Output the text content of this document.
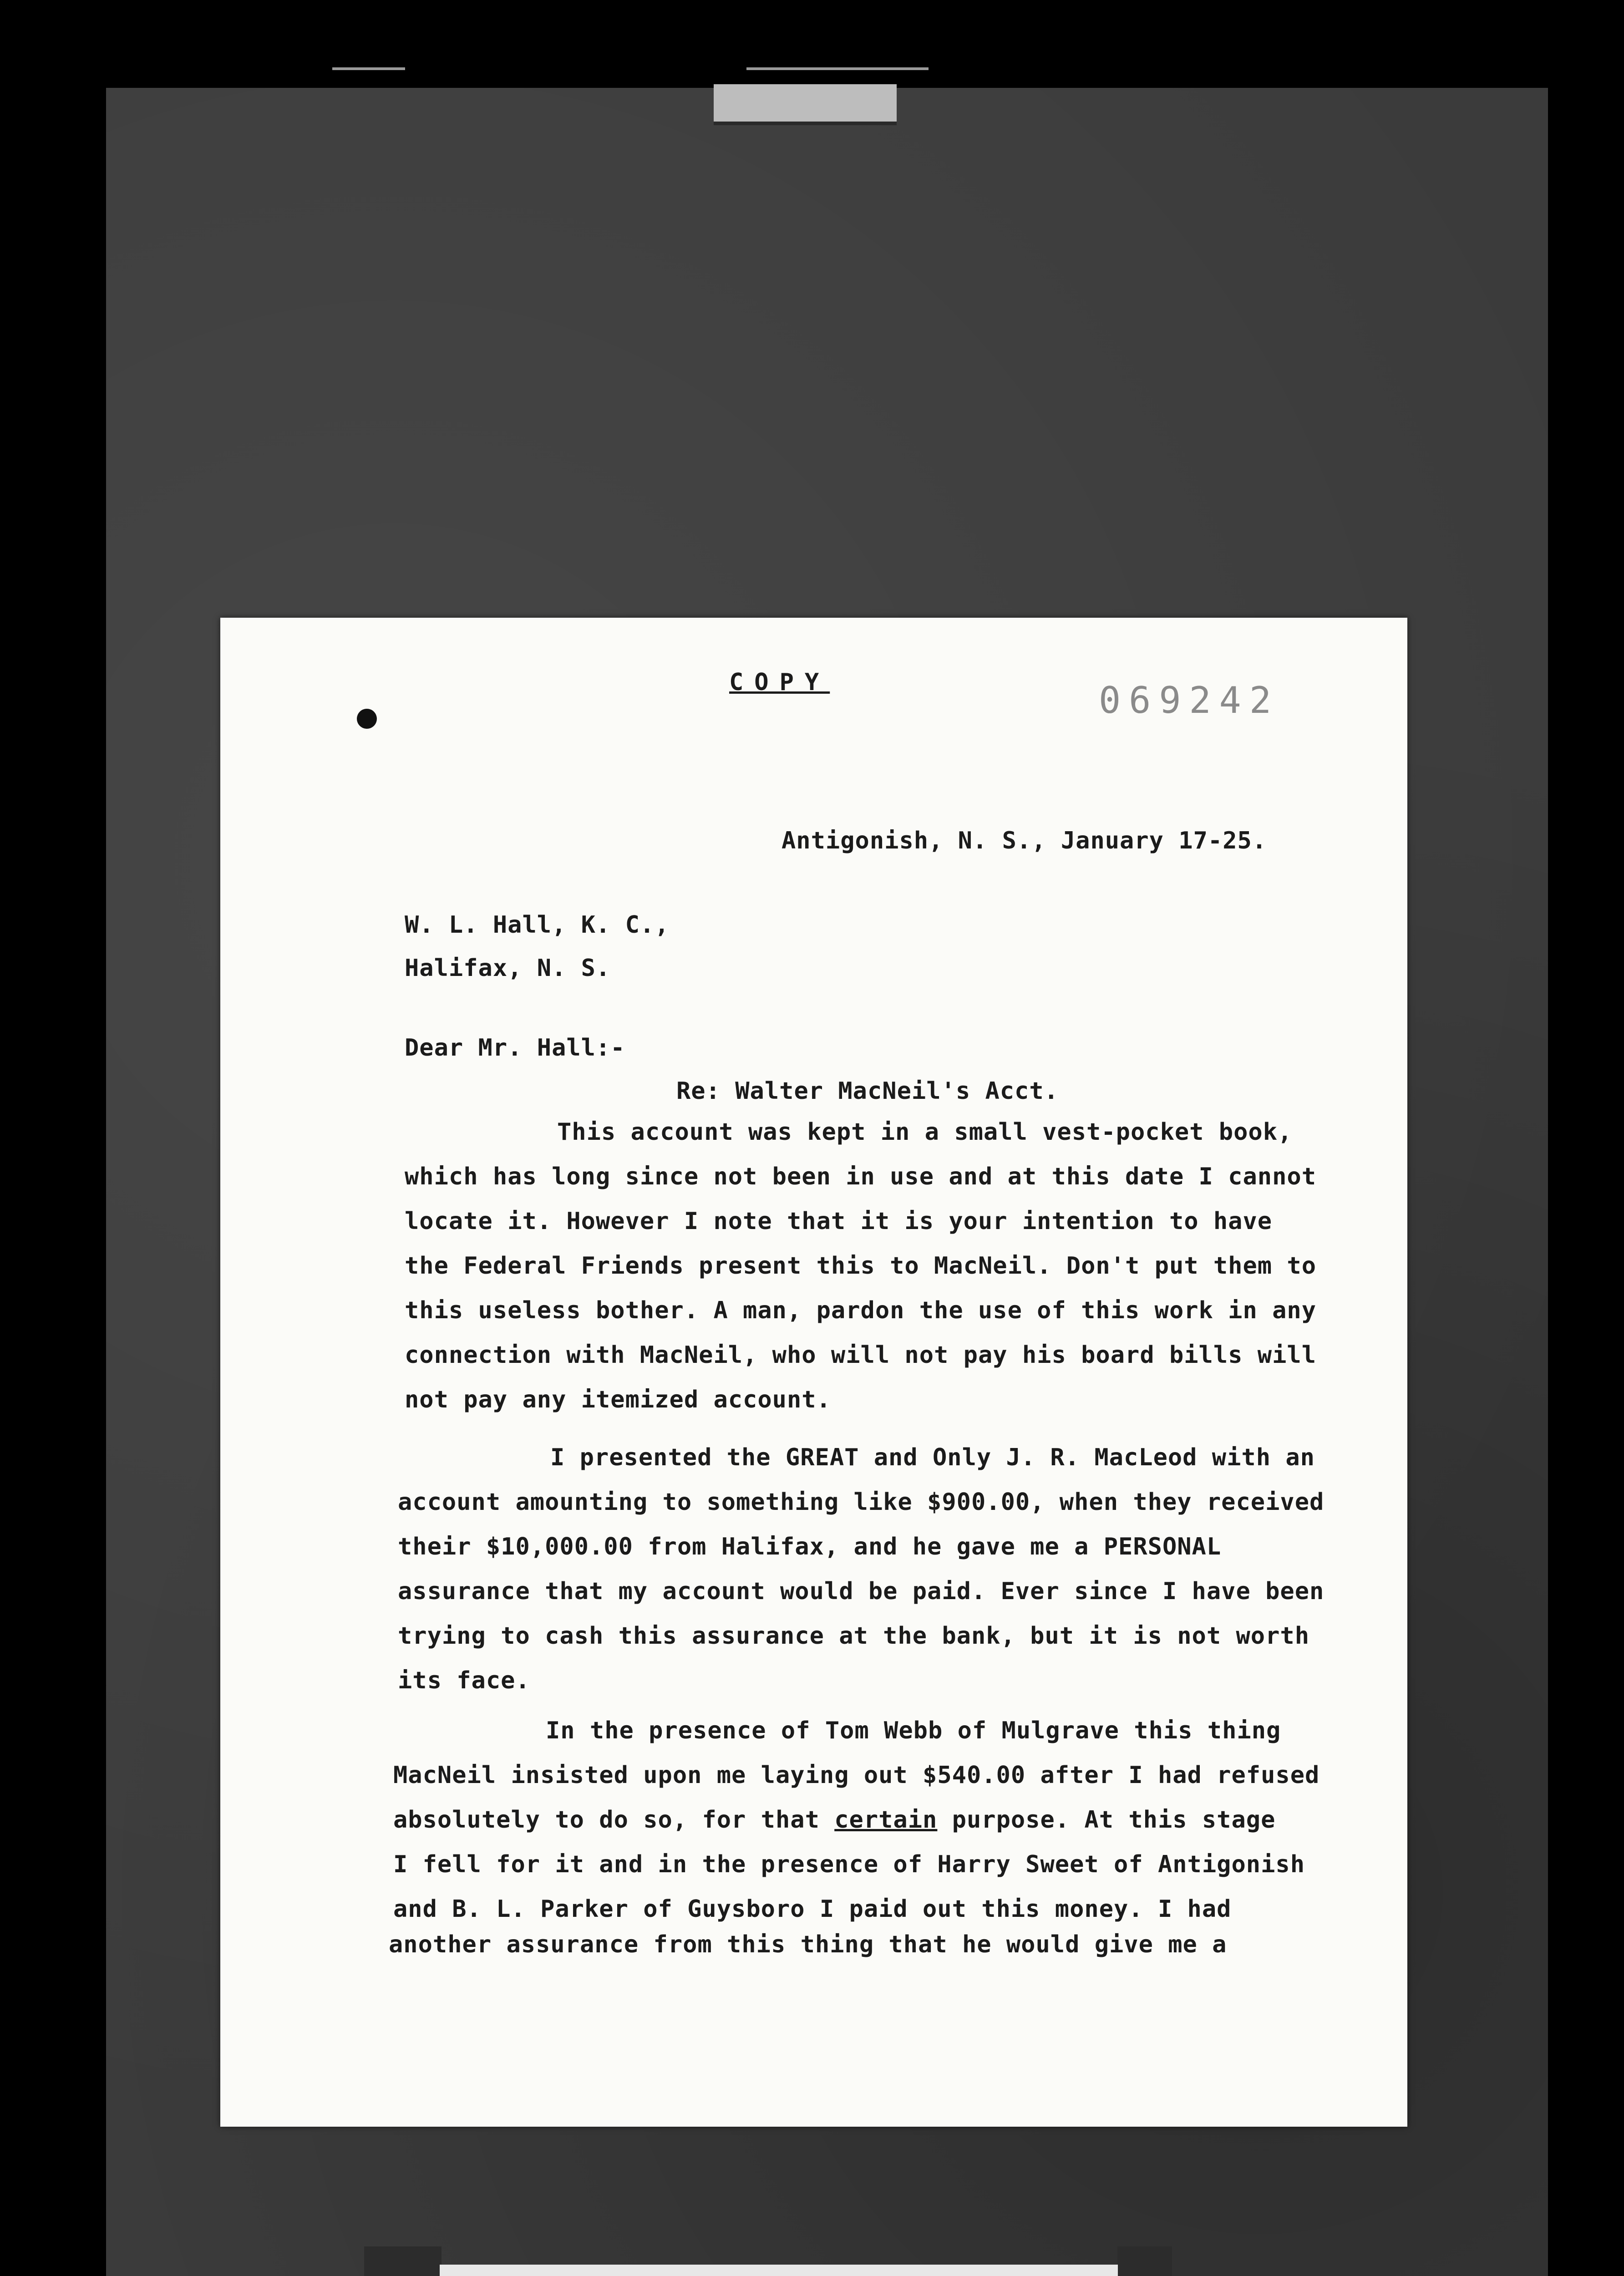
COPY	069242
Antigonish, N. S., January 17-25.
W. L. Hall, K. C.,
Halifax, N. S.
Dear Mr. Hall:-
Re: Walter MacNeil's Acct.
This account was kept in a small vest-pocket book,
which has long since not been in use and at this date I cannot
locate it. However I note that it is your intention to have
the Federal Friends present this to MacNeil. Don't put them to
this useless bother. A man, pardon the use of this work in any
connection with MacNeil, who will not pay his board bills will
not pay any itemized account.
I presented the GREAT and Only J. R. MacLeod with an
account amounting to something like $900.00, when they received
their $10,000.00 from Halifax, and he gave me a PERSONAL
assurance that my account would be paid. Ever since I have been
trying to cash this assurance at the bank, but it is not worth
its face.
In the presence of Tom Webb of Mulgrave this thing
MacNeil insisted upon me laying out $540.00 after I had refused
absolutely to do so, for that certain purpose. At this stage
I fell for it and in the presence of Harry Sweet of Antigonish
and B. L. Parker of Guysboro I paid out this money. I had
another assurance from this thing that he would give me a
